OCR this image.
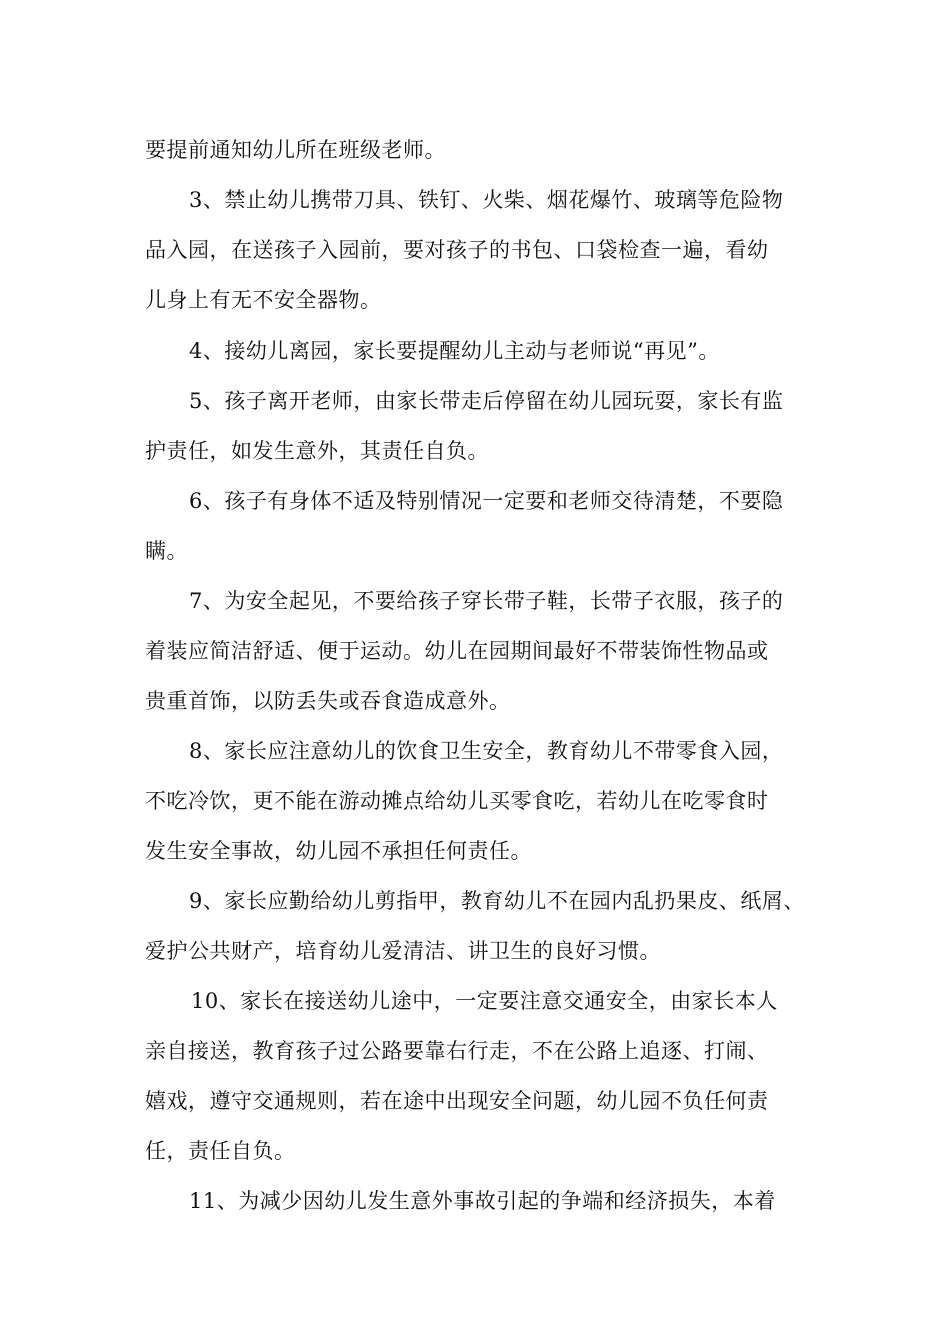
要提前通知幼儿所在班级老师。
3、禁止幼儿携带刀具、铁钉、火柴、烟花爆竹、玻璃等危险物
品入园，在送孩子入园前，要对孩子的书包、口袋检查一遍，看幼
儿身上有无不安全器物。
4、接幼儿离园，家长要提醒幼儿主动与老师说“再见”。
5、孩子离开老师，由家长带走后停留在幼儿园玩耍，家长有监
护责任，如发生意外，其责任自负。
6、孩子有身体不适及特别情况一定要和老师交待清楚，不要隐
瞒。
7、为安全起见，不要给孩子穿长带子鞋，长带子衣服，孩子的
着装应简洁舒适、便于运动。幼儿在园期间最好不带装饰性物品或
贵重首饰，以防丢失或吞食造成意外。
8、家长应注意幼儿的饮食卫生安全，教育幼儿不带零食入园，
不吃冷饮，更不能在游动摊点给幼儿买零食吃，若幼儿在吃零食时
发生安全事故，幼儿园不承担任何责任。
9、家长应勤给幼儿剪指甲，教育幼儿不在园内乱扔果皮、纸屑、
爱护公共财产，培育幼儿爱清洁、讲卫生的良好习惯。
10、家长在接送幼儿途中，一定要注意交通安全，由家长本人
亲自接送，教育孩子过公路要靠右行走，不在公路上追逐、打闹、
嬉戏，遵守交通规则，若在途中出现安全问题，幼儿园不负任何责
任，责任自负。
11、为减少因幼儿发生意外事故引起的争端和经济损失，本着
